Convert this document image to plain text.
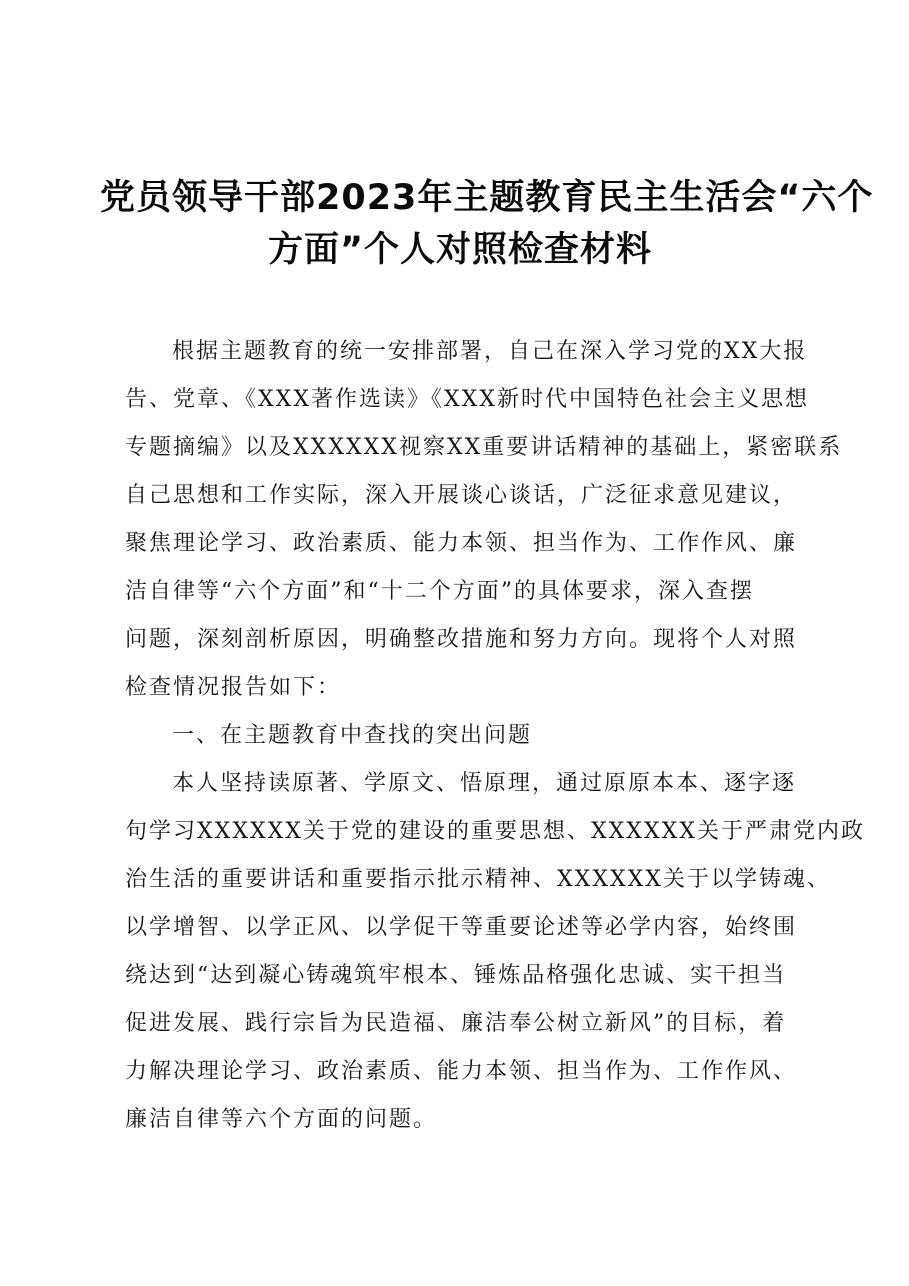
党员领导干部2023年主题教育民主生活会“六个
方面”个人对照检查材料
根据主题教育的统一安排部署，自己在深入学习党的XX大报
告、党章、《XXX著作选读》《XXX新时代中国特色社会主义思想
专题摘编》以及XXXXXX视察XX重要讲话精神的基础上，紧密联系
自己思想和工作实际，深入开展谈心谈话，广泛征求意见建议，
聚焦理论学习、政治素质、能力本领、担当作为、工作作风、廉
洁自律等“六个方面”和“十二个方面”的具体要求，深入查摆
问题，深刻剖析原因，明确整改措施和努力方向。现将个人对照
检查情况报告如下：
一、在主题教育中查找的突出问题
本人坚持读原著、学原文、悟原理，通过原原本本、逐字逐
句学习XXXXXX关于党的建设的重要思想、XXXXXX关于严肃党内政
治生活的重要讲话和重要指示批示精神、XXXXXX关于以学铸魂、
以学增智、以学正风、以学促干等重要论述等必学内容，始终围
绕达到“达到凝心铸魂筑牢根本、锤炼品格强化忠诚、实干担当
促进发展、践行宗旨为民造福、廉洁奉公树立新风”的目标，着
力解决理论学习、政治素质、能力本领、担当作为、工作作风、
廉洁自律等六个方面的问题。
